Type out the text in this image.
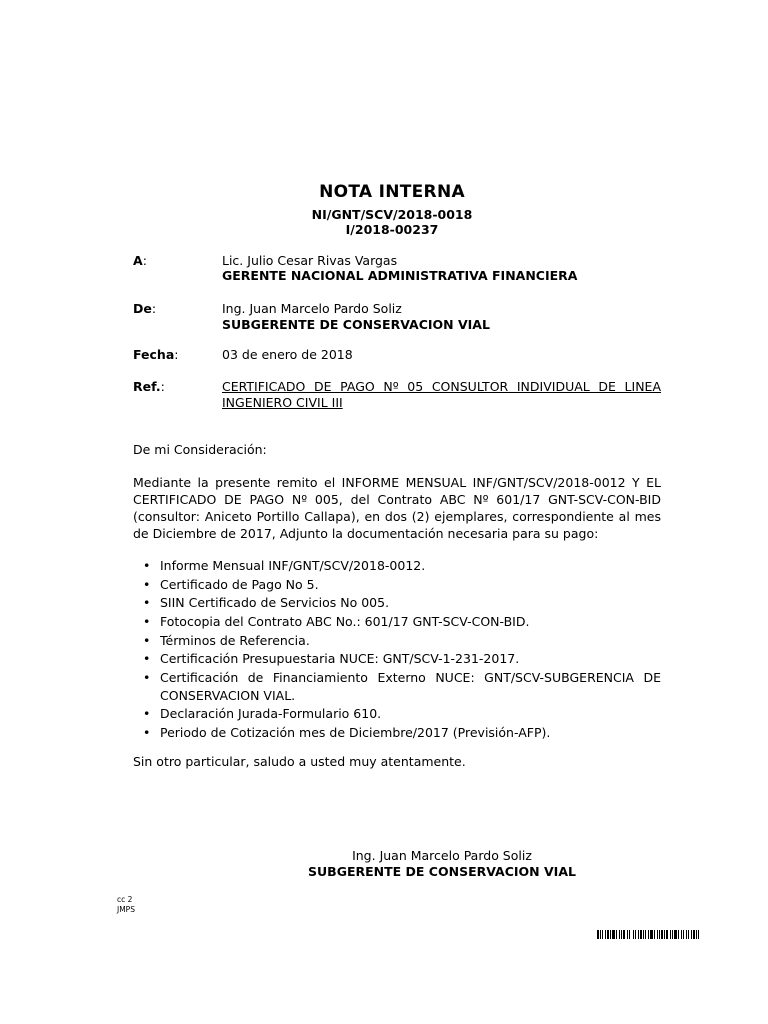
NOTA INTERNA
NI/GNT/SCV/2018-0018
I/2018-00237
A:	Lic. Julio Cesar Rivas Vargas
GERENTE NACIONAL ADMINISTRATIVA FINANCIERA
De:	Ing. Juan Marcelo Pardo Soliz
SUBGERENTE DE CONSERVACION VIAL
Fecha:	03 de enero de 2018
Ref.:	CERTIFICADO DE PAGO Nº 05 CONSULTOR INDIVIDUAL DE LINEA
INGENIERO CIVIL III
De mi Consideración:
Mediante la presente remito el INFORME MENSUAL INF/GNT/SCV/2018-0012 Y EL CERTIFICADO DE PAGO Nº 005, del Contrato ABC Nº 601/17 GNT-SCV-CON-BID (consultor: Aniceto Portillo Callapa), en dos (2) ejemplares, correspondiente al mes de Diciembre de 2017, Adjunto la documentación necesaria para su pago:
• Informe Mensual INF/GNT/SCV/2018-0012.
• Certificado de Pago No 5.
• SIIN Certificado de Servicios No 005.
• Fotocopia del Contrato ABC No.: 601/17 GNT-SCV-CON-BID.
• Términos de Referencia.
• Certificación Presupuestaria NUCE: GNT/SCV-1-231-2017.
• Certificación de Financiamiento Externo NUCE: GNT/SCV-SUBGERENCIA DE CONSERVACION VIAL.
• Declaración Jurada-Formulario 610.
• Periodo de Cotización mes de Diciembre/2017 (Previsión-AFP).
Sin otro particular, saludo a usted muy atentamente.
Ing. Juan Marcelo Pardo Soliz
SUBGERENTE DE CONSERVACION VIAL
cc 2
JMPS
